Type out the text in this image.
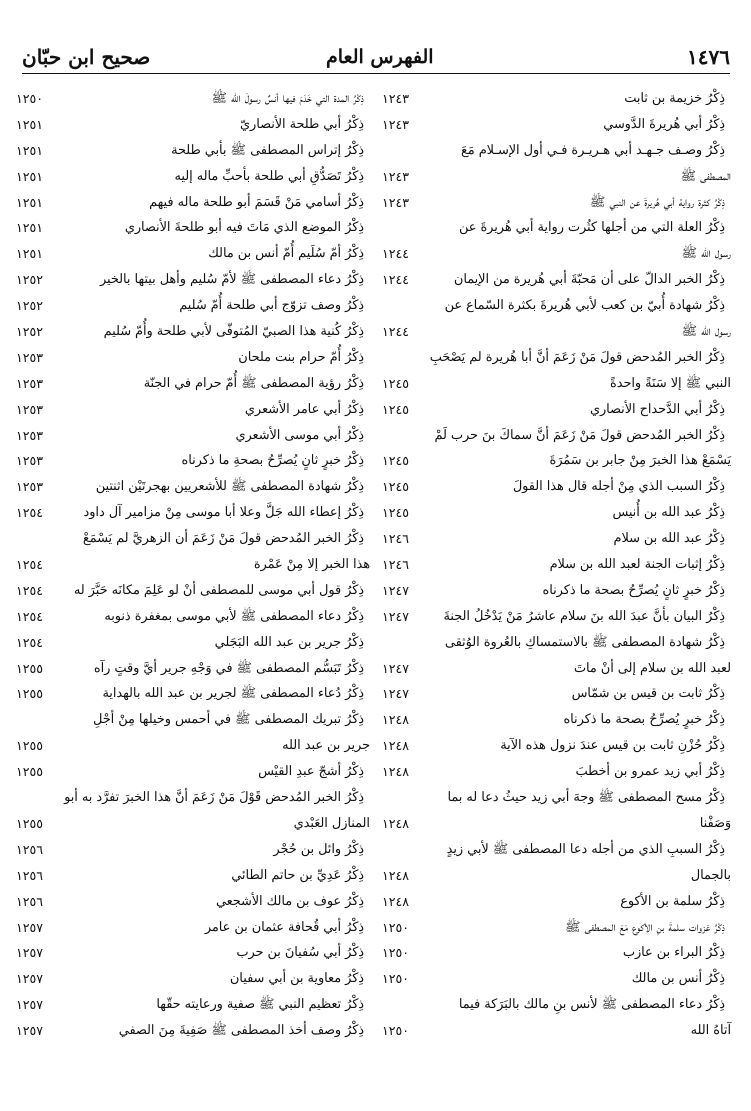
١٤٧٦
الفهرس العام
صحيح ابن حبّان
ذِكْرُ خزيمة بن ثابت
١٢٤٣
ذِكْرُ أبي هُريرةَ الدَّوسي
١٢٤٣
ذِكْرُ وصـف جـهـد أبي هـريـرة فـي أول الإسـلام مَعَ
المصطفى ﷺ
١٢٤٣
ذِكْرُ كثرة رواية أبي هُريرةَ عن النبي ﷺ
١٢٤٣
ذِكْرُ العلة التي من أجلها كثُرت رواية أبي هُريرةَ عن
رسول الله ﷺ
١٢٤٤
ذِكْرُ الخبر الدالّ على أن مَحبّةَ أبي هُريرة من الإيمان
١٢٤٤
ذِكْرُ شهادة أُبيّ بن كعب لأبي هُريرةَ بكثرة السّماع عن
رسول الله ﷺ
١٢٤٤
ذِكْرُ الخبر المُدحض قولَ مَنْ زَعَمَ أنَّ أبا هُريرة لم يَصْحَبِ
النبي ﷺ إلا سَنَةً واحدةً
١٢٤٥
ذِكْرُ أبي الدَّحداح الأنصاري
١٢٤٥
ذِكْرُ الخبر المُدحض قولَ مَنْ زَعَمَ أنَّ سماكَ بنَ حرب لَمْ
يَسْمَعْ هذا الخبرَ مِنْ جابر بن سَمُرَةَ
١٢٤٥
ذِكْرُ السبب الذي مِنْ أجله قال هذا القولَ
١٢٤٥
ذِكْرُ عبد الله بن أُنيس
١٢٤٥
ذِكْرُ عبد الله بن سلام
١٢٤٦
ذِكْرُ إثبات الجنة لعبد الله بن سلام
١٢٤٦
ذِكْرُ خبرٍ ثانٍ يُصرِّحُ بصحة ما ذكرناه
١٢٤٧
ذِكْرُ البيان بأنَّ عبدَ الله بنَ سلام عاشرُ مَنْ يَدْخُلُ الجنةَ
١٢٤٧
ذِكْرُ شهادة المصطفى ﷺ بالاستمساكِ بالعُروة الوُثقى
لعبد الله بن سلام إلى أنْ ماتَ
١٢٤٧
ذِكْرُ ثابت بن قيس بن شمّاس
١٢٤٧
ذِكْرُ خبرٍ يُصرِّحُ بصحة ما ذكرناه
١٢٤٨
ذِكْرُ حُزْنِ ثابت بن قيس عندَ نزول هذه الآية
١٢٤٨
ذِكْرُ أبي زيد عمرو بن أخطبَ
١٢٤٨
ذِكْرُ مسح المصطفى ﷺ وجهَ أبي زيد حيثُ دعا له بما
وَصَفْنا
١٢٤٨
ذِكْرُ السببِ الذي من أجله دعا المصطفى ﷺ لأبي زيدٍ
بالجمال
١٢٤٨
ذِكْرُ سلمة بن الأكوع
١٢٤٨
ذِكْرُ غزوات سلمةَ بنِ الأكوع مَعَ المصطفى ﷺ
١٢٥٠
ذِكْرُ البراء بن عازب
١٢٥٠
ذِكْرُ أنس بن مالك
١٢٥٠
ذِكْرُ دعاء المصطفى ﷺ لأنس بنِ مالك بالبَرَكة فيما
آتاهُ الله
١٢٥٠
ذِكْرُ المدة التي خَدَمَ فيها أنسٌ رسولَ الله ﷺ
١٢٥٠
ذِكْرُ أبي طلحة الأنصاريّ
١٢٥١
ذِكْرُ إتراس المصطفى ﷺ بأبي طلحة
١٢٥١
ذِكْرُ تَصَدُّقِ أبي طلحة بأحبِّ ماله إليه
١٢٥١
ذِكْرُ أسامي مَنْ قَسَمَ أبو طلحة ماله فيهم
١٢٥١
ذِكْرُ الموضع الذي مَاتَ فيه أبو طلحةَ الأنصاري
١٢٥١
ذِكْرُ أمّ سُلَيم أُمّ أنس بن مالك
١٢٥١
ذِكْرُ دعاء المصطفى ﷺ لأمّ سُليم وأهل بيتها بالخير
١٢٥٢
ذِكْرُ وصف تزوّج أبي طلحة أُمّ سُليم
١٢٥٢
ذِكْرُ كُنية هذا الصبيّ المُتوفّى لأبي طلحة وأُمّ سُليم
١٢٥٢
ذِكْرُ أُمّ حرام بنت ملحان
١٢٥٣
ذِكْرُ رؤية المصطفى ﷺ أُمّ حرام في الجنّة
١٢٥٣
ذِكْرُ أبي عامر الأشعري
١٢٥٣
ذِكْرُ أبي موسى الأشعري
١٢٥٣
ذِكْرُ خبرٍ ثانٍ يُصرِّحُ بصحةِ ما ذكرناه
١٢٥٣
ذِكْرُ شهادة المصطفى ﷺ للأشعريين بهجرتَيْن اثنتين
١٢٥٣
ذِكْرُ إعطاء الله جَلَّ وعلا أبا موسى مِنْ مزامير آل داود
١٢٥٤
ذِكْرُ الخبر المُدحض قولَ مَنْ زَعَمَ أن الزهريَّ لم يَسْمَعْ
هذا الخبر إلا مِنْ عَمْرة
١٢٥٤
ذِكْرُ قول أبي موسى للمصطفى أنْ لو عَلِمَ مكانَه حَبَّرَ له
١٢٥٤
ذِكْرُ دعاء المصطفى ﷺ لأبي موسى بمغفرة ذنوبه
١٢٥٤
ذِكْرُ جرير بن عبد الله البَجَلي
١٢٥٤
ذِكْرُ تَبَسُّم المصطفى ﷺ في وَجْهِ جرير أيَّ وقتٍ رآه
١٢٥٥
ذِكْرُ دُعاء المصطفى ﷺ لجرير بن عبد الله بالهداية
١٢٥٥
ذِكْرُ تبريك المصطفى ﷺ في أحمس وخيلها مِنْ أجْلِ
جرير بن عبد الله
١٢٥٥
ذِكْرُ أشجّ عبدِ القيْس
١٢٥٥
ذِكْرُ الخبر المُدحض قَوْلَ مَنْ زَعَمَ أنَّ هذا الخبرَ تفرَّد به أبو
المنازل العَبْدي
١٢٥٥
ذِكْرُ وائل بن حُجْر
١٢٥٦
ذِكْرُ عَدِيِّ بن حاتم الطائي
١٢٥٦
ذِكْرُ عوف بن مالك الأشجعي
١٢٥٦
ذِكْرُ أبي قُحافة عثمان بن عامر
١٢٥٧
ذِكْرُ أبي سُفيانَ بن حرب
١٢٥٧
ذِكْرُ معاوية بن أبي سفيان
١٢٥٧
ذِكْرُ تعظيم النبي ﷺ صفية ورعايته حقّها
١٢٥٧
ذِكْرُ وصف أخذ المصطفى ﷺ صَفِيةَ مِنَ الصفي
١٢٥٧
